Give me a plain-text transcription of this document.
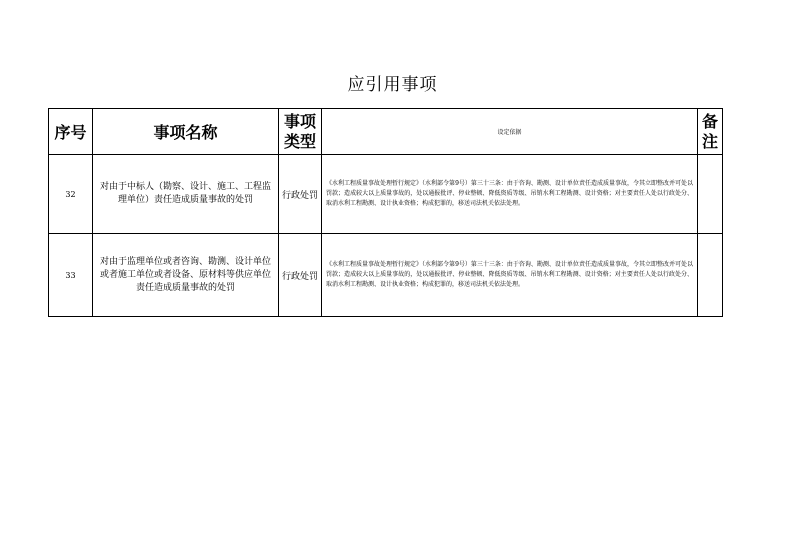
应引用事项
序号	事项名称	事项类型	设定依据	备注
32	对由于中标人（勘察、设计、施工、工程监理单位）责任造成质量事故的处罚	行政处罚	《水利工程质量事故处理暂行规定》（水利部令第9号）第三十三条：由于咨询、勘测、设计单位责任造成质量事故，令其立即整改并可处以罚款；造成较大以上质量事故的，处以通报批评、停业整顿、降低资质等级、吊销水利工程勘测、设计资格；对主要责任人处以行政处分、取消水利工程勘测、设计执业资格；构成犯罪的，移送司法机关依法处理。	
33	对由于监理单位或者咨询、勘测、设计单位或者施工单位或者设备、原材料等供应单位责任造成质量事故的处罚	行政处罚	《水利工程质量事故处理暂行规定》（水利部令第9号）第三十三条：由于咨询、勘测、设计单位责任造成质量事故，令其立即整改并可处以罚款；造成较大以上质量事故的，处以通报批评、停业整顿、降低资质等级、吊销水利工程勘测、设计资格；对主要责任人处以行政处分、取消水利工程勘测、设计执业资格；构成犯罪的，移送司法机关依法处理。	
